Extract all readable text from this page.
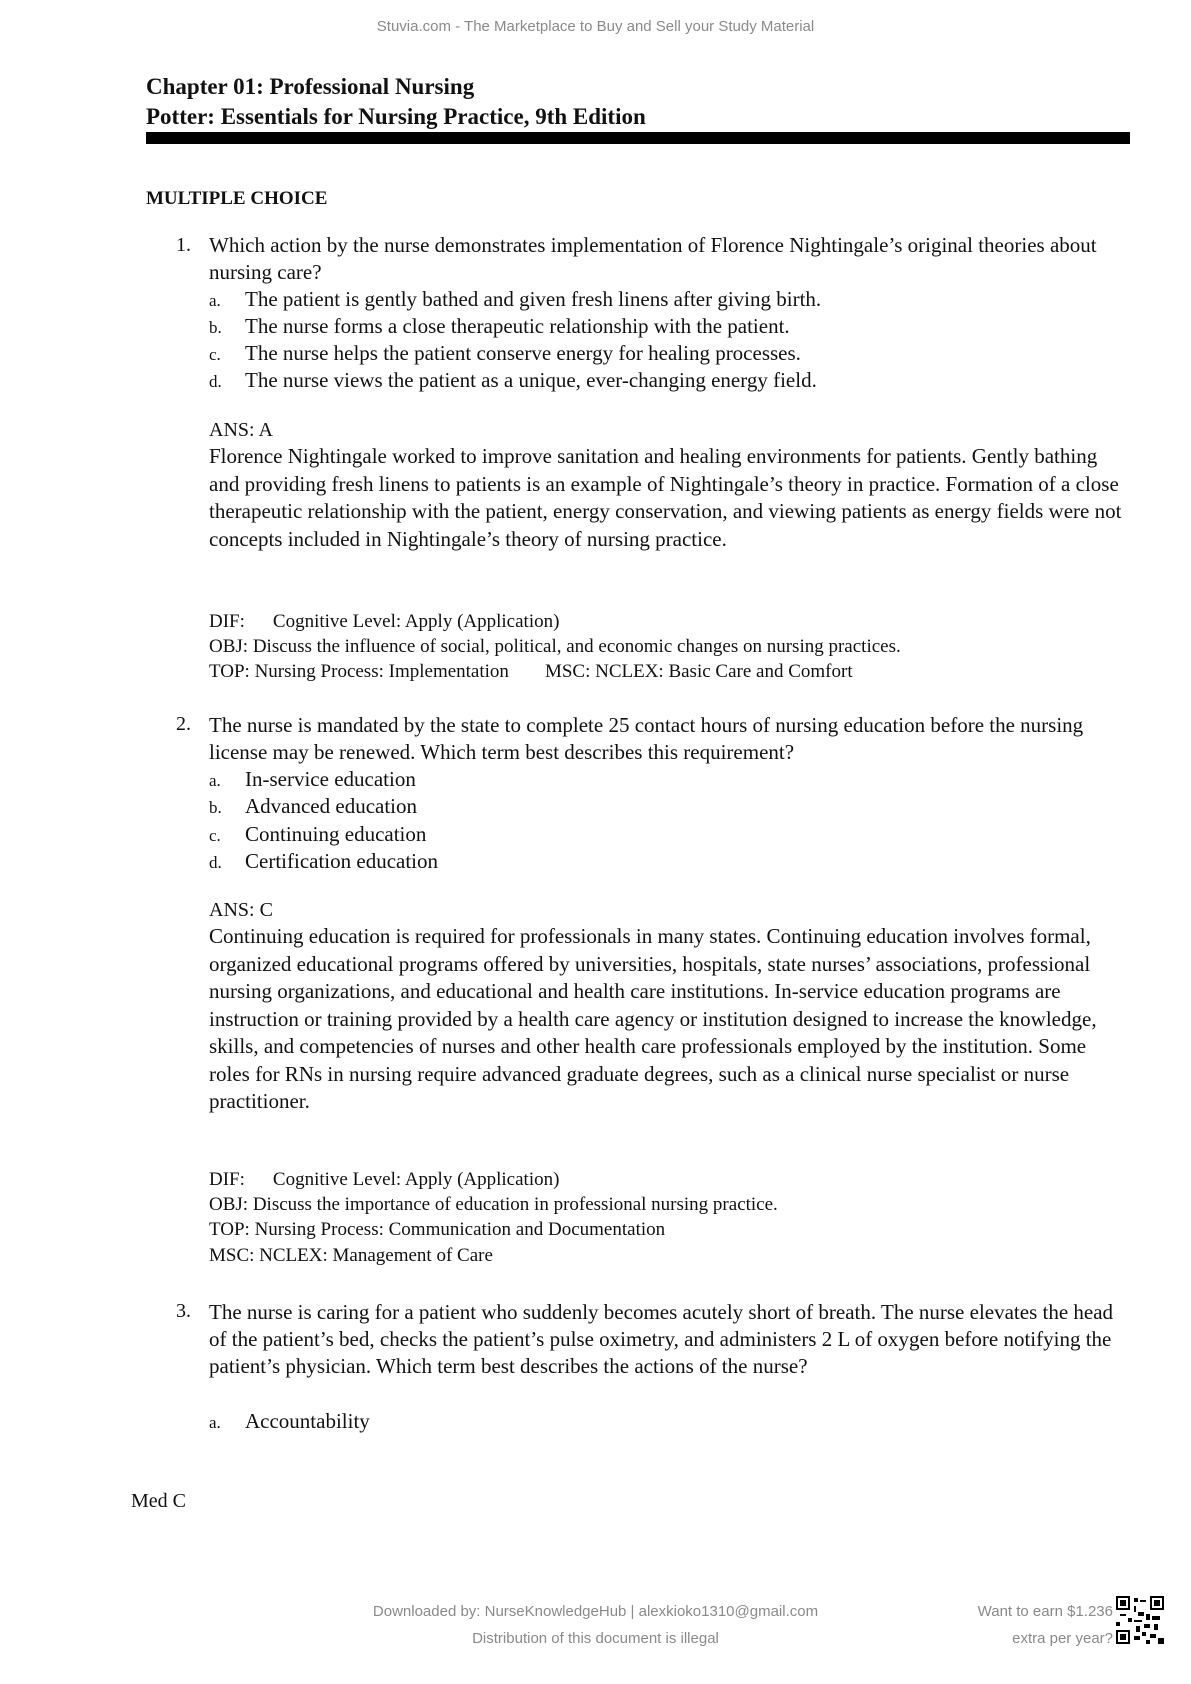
Stuvia.com - The Marketplace to Buy and Sell your Study Material
Chapter 01: Professional Nursing
Potter: Essentials for Nursing Practice, 9th Edition
MULTIPLE CHOICE
1. Which action by the nurse demonstrates implementation of Florence Nightingale’s original theories about nursing care?
a. The patient is gently bathed and given fresh linens after giving birth.
b. The nurse forms a close therapeutic relationship with the patient.
c. The nurse helps the patient conserve energy for healing processes.
d. The nurse views the patient as a unique, ever-changing energy field.
ANS: A
Florence Nightingale worked to improve sanitation and healing environments for patients. Gently bathing and providing fresh linens to patients is an example of Nightingale’s theory in practice. Formation of a close therapeutic relationship with the patient, energy conservation, and viewing patients as energy fields were not concepts included in Nightingale’s theory of nursing practice.
DIF: Cognitive Level: Apply (Application)
OBJ: Discuss the influence of social, political, and economic changes on nursing practices.
TOP: Nursing Process: Implementation MSC: NCLEX: Basic Care and Comfort
2. The nurse is mandated by the state to complete 25 contact hours of nursing education before the nursing license may be renewed. Which term best describes this requirement?
a. In-service education
b. Advanced education
c. Continuing education
d. Certification education
ANS: C
Continuing education is required for professionals in many states. Continuing education involves formal, organized educational programs offered by universities, hospitals, state nurses’ associations, professional nursing organizations, and educational and health care institutions. In-service education programs are instruction or training provided by a health care agency or institution designed to increase the knowledge, skills, and competencies of nurses and other health care professionals employed by the institution. Some roles for RNs in nursing require advanced graduate degrees, such as a clinical nurse specialist or nurse practitioner.
DIF: Cognitive Level: Apply (Application)
OBJ: Discuss the importance of education in professional nursing practice.
TOP: Nursing Process: Communication and Documentation
MSC: NCLEX: Management of Care
3. The nurse is caring for a patient who suddenly becomes acutely short of breath. The nurse elevates the head of the patient’s bed, checks the patient’s pulse oximetry, and administers 2 L of oxygen before notifying the patient’s physician. Which term best describes the actions of the nurse?
a. Accountability
Med C
Downloaded by: NurseKnowledgeHub | alexkioko1310@gmail.com
Distribution of this document is illegal
Want to earn $1.236
extra per year?
